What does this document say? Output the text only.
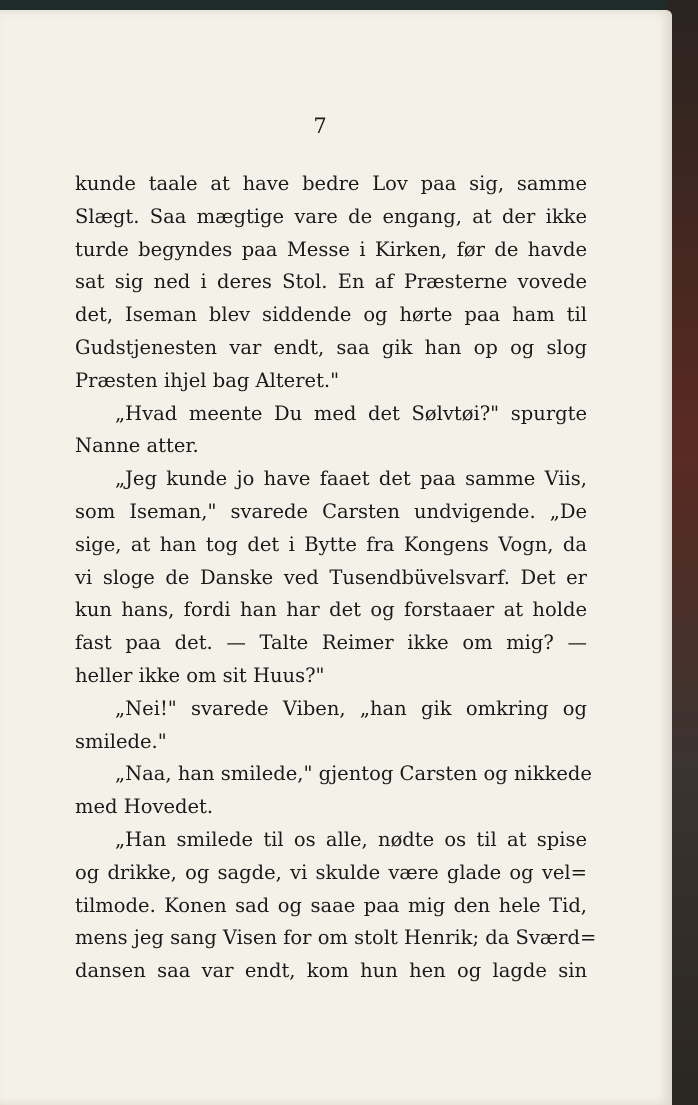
7
kunde taale at have bedre Lov paa sig, samme
Slægt. Saa mægtige vare de engang, at der ikke
turde begyndes paa Messe i Kirken, før de havde
sat sig ned i deres Stol. En af Præsterne vovede
det, Iseman blev siddende og hørte paa ham til
Gudstjenesten var endt, saa gik han op og slog
Præsten ihjel bag Alteret."
„Hvad meente Du med det Sølvtøi?" spurgte
Nanne atter.
„Jeg kunde jo have faaet det paa samme Viis,
som Iseman," svarede Carsten undvigende. „De
sige, at han tog det i Bytte fra Kongens Vogn, da
vi sloge de Danske ved Tusendbüvelsvarf. Det er
kun hans, fordi han har det og forstaaer at holde
fast paa det. — Talte Reimer ikke om mig? —
heller ikke om sit Huus?"
„Nei!" svarede Viben, „han gik omkring og
smilede."
„Naa, han smilede," gjentog Carsten og nikkede
med Hovedet.
„Han smilede til os alle, nødte os til at spise
og drikke, og sagde, vi skulde være glade og vel=
tilmode. Konen sad og saae paa mig den hele Tid,
mens jeg sang Visen for om stolt Henrik; da Sværd=
dansen saa var endt, kom hun hen og lagde sin
